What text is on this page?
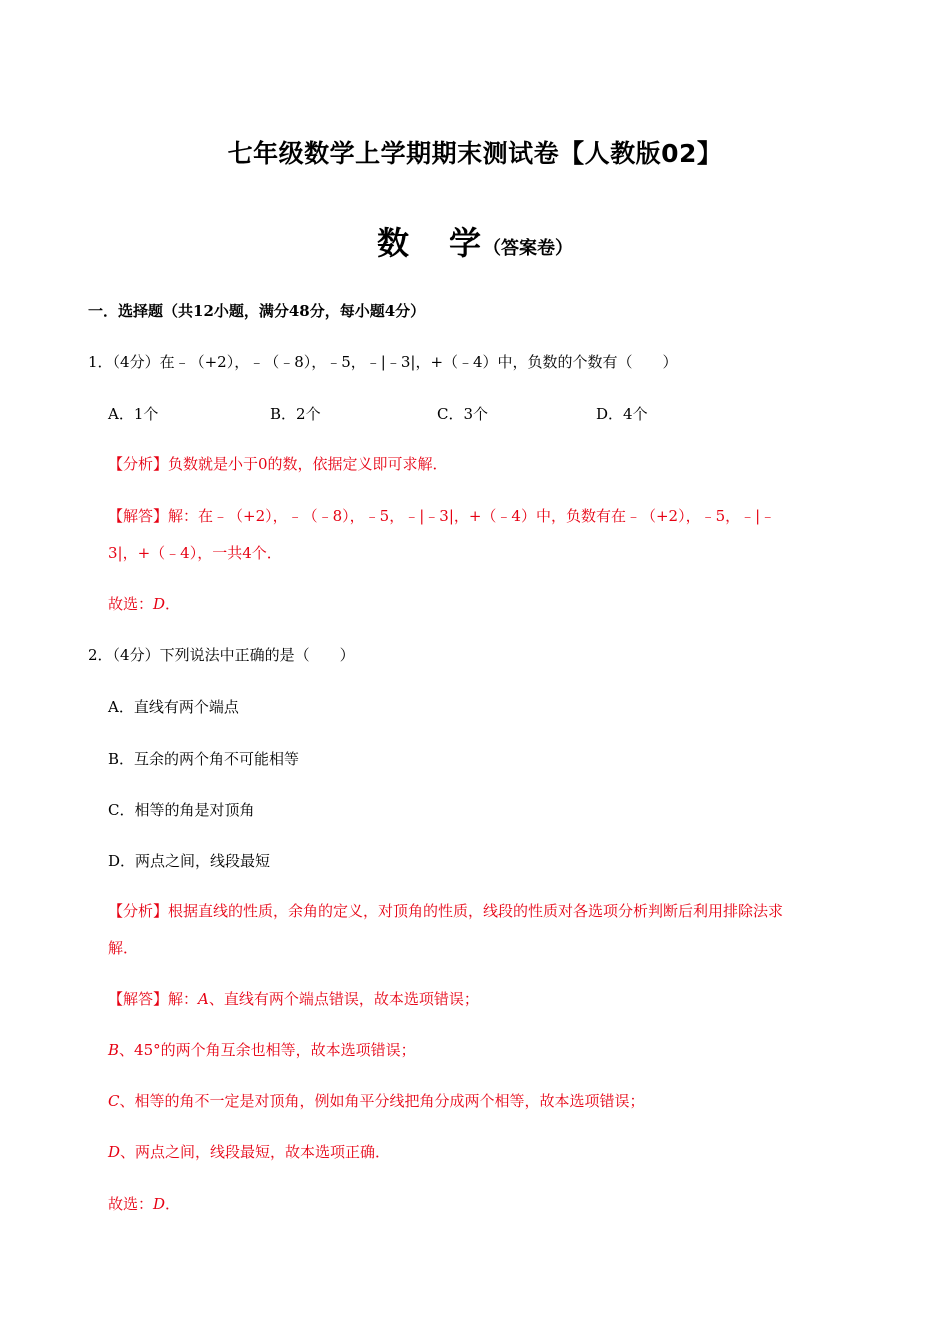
七年级数学上学期期末测试卷【人教版02】
数 学（答案卷）
一．选择题（共12小题，满分48分，每小题4分）
1．（4分）在﹣（+2），﹣（﹣8），﹣5，﹣|﹣3|，+（﹣4）中，负数的个数有（　　）
A．1个	B．2个	C．3个	D．4个
【分析】负数就是小于0的数，依据定义即可求解．
【解答】解：在﹣（+2），﹣（﹣8），﹣5，﹣|﹣3|，+（﹣4）中，负数有在﹣（+2），﹣5，﹣|﹣
3|，+（﹣4），一共4个．
故选：D．
2．（4分）下列说法中正确的是（　　）
A．直线有两个端点
B．互余的两个角不可能相等
C．相等的角是对顶角
D．两点之间，线段最短
【分析】根据直线的性质，余角的定义，对顶角的性质，线段的性质对各选项分析判断后利用排除法求
解．
【解答】解：A、直线有两个端点错误，故本选项错误；
B、45°的两个角互余也相等，故本选项错误；
C、相等的角不一定是对顶角，例如角平分线把角分成两个相等，故本选项错误；
D、两点之间，线段最短，故本选项正确．
故选：D．
